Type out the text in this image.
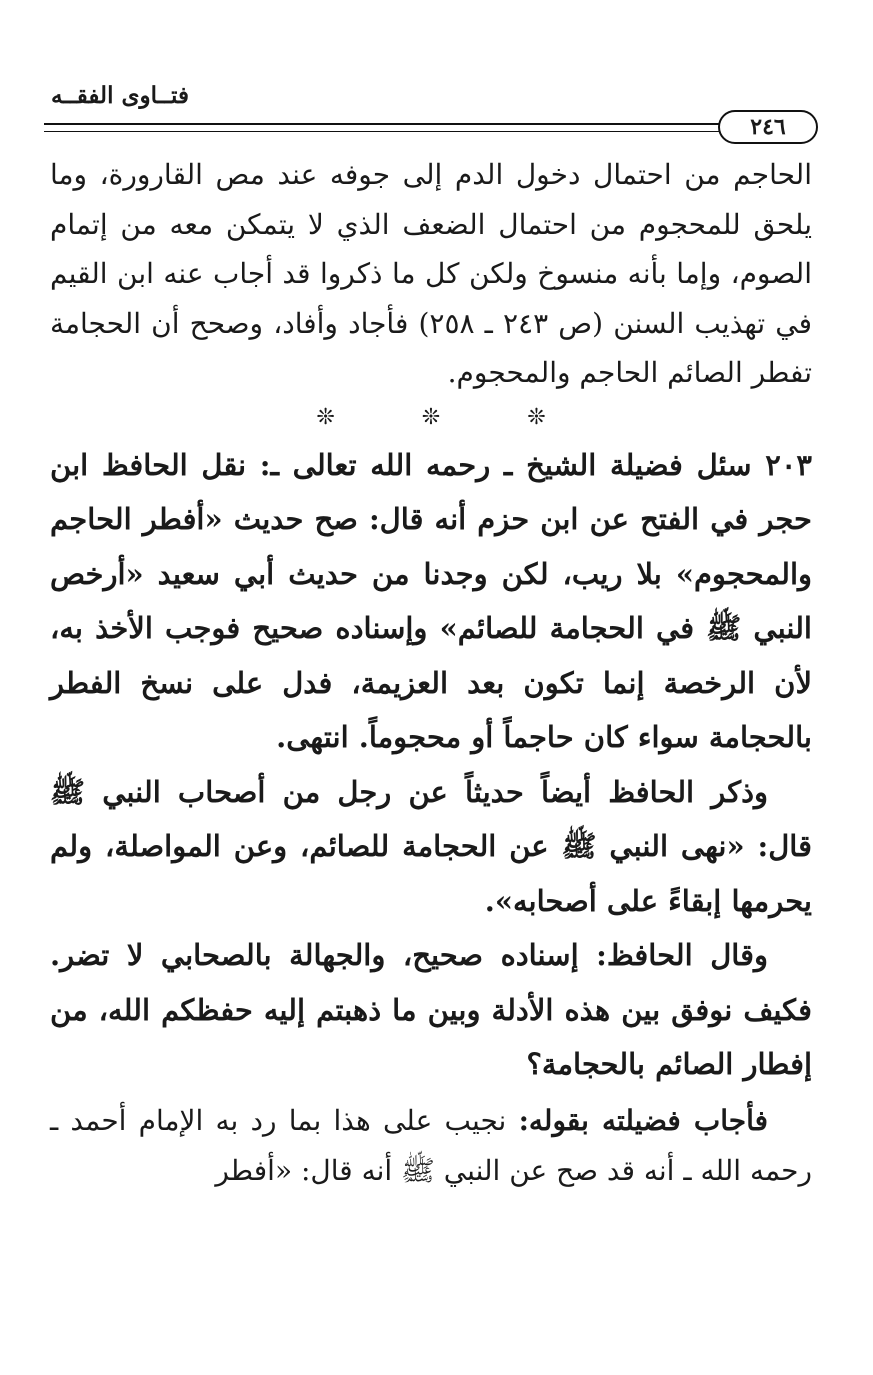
فتــاوى الفقــه
٢٤٦

الحاجم من احتمال دخول الدم إلى جوفه عند مص القارورة، وما يلحق للمحجوم من احتمال الضعف الذي لا يتمكن معه من إتمام الصوم، وإما بأنه منسوخ ولكن كل ما ذكروا قد أجاب عنه ابن القيم في تهذيب السنن (ص ٢٤٣ ـ ٢٥٨) فأجاد وأفاد، وصحح أن الحجامة تفطر الصائم الحاجم والمحجوم.

❊ ❊ ❊

٢٠٣ سئل فضيلة الشيخ ـ رحمه الله تعالى ـ: نقل الحافظ ابن حجر في الفتح عن ابن حزم أنه قال: صح حديث «أفطر الحاجم والمحجوم» بلا ريب، لكن وجدنا من حديث أبي سعيد «أرخص النبي ﷺ في الحجامة للصائم» وإسناده صحيح فوجب الأخذ به، لأن الرخصة إنما تكون بعد العزيمة، فدل على نسخ الفطر بالحجامة سواء كان حاجماً أو محجوماً. انتهى.

وذكر الحافظ أيضاً حديثاً عن رجل من أصحاب النبي ﷺ قال: «نهى النبي ﷺ عن الحجامة للصائم، وعن المواصلة، ولم يحرمها إبقاءً على أصحابه».

وقال الحافظ: إسناده صحيح، والجهالة بالصحابي لا تضر. فكيف نوفق بين هذه الأدلة وبين ما ذهبتم إليه حفظكم الله، من إفطار الصائم بالحجامة؟

فأجاب فضيلته بقوله: نجيب على هذا بما رد به الإمام أحمد ـ رحمه الله ـ أنه قد صح عن النبي ﷺ أنه قال: «أفطر
